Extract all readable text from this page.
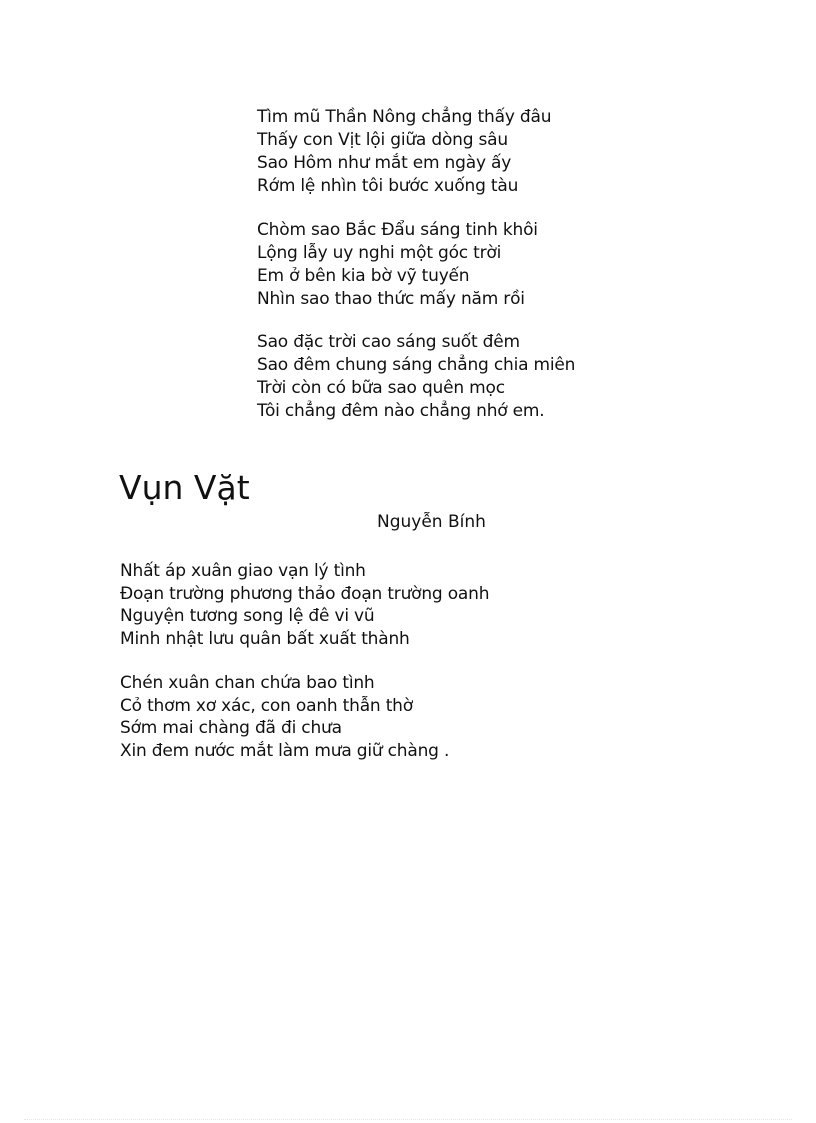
Tìm mũ Thần Nông chẳng thấy đâu
Thấy con Vịt lội giữa dòng sâu
Sao Hôm như mắt em ngày ấy
Rớm lệ nhìn tôi bước xuống tàu
Chòm sao Bắc Đẩu sáng tinh khôi
Lộng lẫy uy nghi một góc trời
Em ở bên kia bờ vỹ tuyến
Nhìn sao thao thức mấy năm rồi
Sao đặc trời cao sáng suốt đêm
Sao đêm chung sáng chẳng chia miên
Trời còn có bữa sao quên mọc
Tôi chẳng đêm nào chẳng nhớ em.
Vụn Vặt
Nguyễn Bính
Nhất áp xuân giao vạn lý tình
Đoạn trường phương thảo đoạn trường oanh
Nguyện tương song lệ đê vi vũ
Minh nhật lưu quân bất xuất thành
Chén xuân chan chứa bao tình
Cỏ thơm xơ xác, con oanh thẫn thờ
Sớm mai chàng đã đi chưa
Xin đem nước mắt làm mưa giữ chàng .
